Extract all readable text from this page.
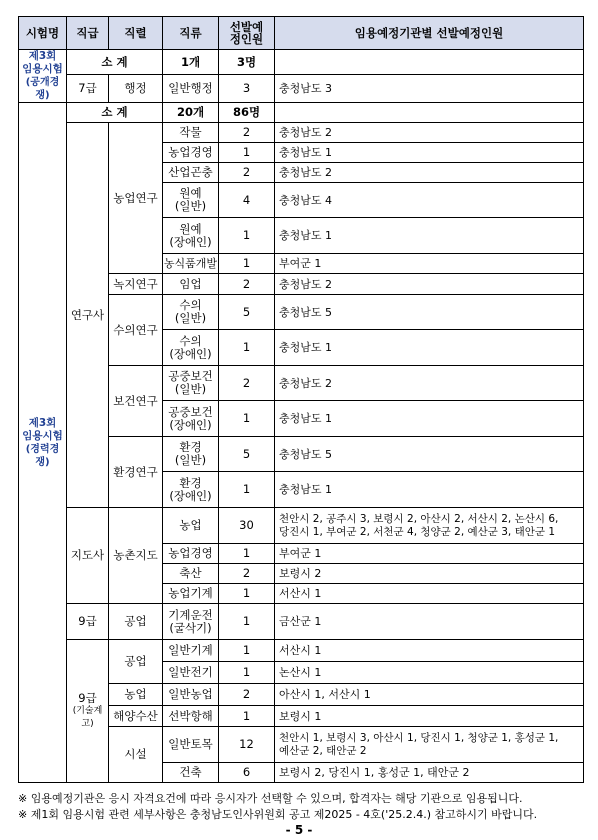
시험명	직급	직렬	직류	선발예정인원	임용예정기관별 선발예정인원
제3회
임용시험
(공개경쟁)	소 계		1개	3명	
	7급	행정	일반행정	3	충청남도 3
제3회
임용시험
(경력경쟁)	소 계		20개	86명	
	연구사	농업연구	작물	2	충청남도 2
			농업경영	1	충청남도 1
			산업곤충	2	충청남도 2
			원예
(일반)	4	충청남도 4
			원예
(장애인)	1	충청남도 1
			농식품개발	1	부여군 1
		녹지연구	임업	2	충청남도 2
		수의연구	수의
(일반)	5	충청남도 5
			수의
(장애인)	1	충청남도 1
		보건연구	공중보건
(일반)	2	충청남도 2
			공중보건
(장애인)	1	충청남도 1
		환경연구	환경
(일반)	5	충청남도 5
			환경
(장애인)	1	충청남도 1
	지도사	농촌지도	농업	30	천안시 2, 공주시 3, 보령시 2, 아산시 2, 서산시 2, 논산시 6,
당진시 1, 부여군 2, 서천군 4, 청양군 2, 예산군 3, 태안군 1
			농업경영	1	부여군 1
			축산	2	보령시 2
			농업기계	1	서산시 1
	9급	공업	기계운전
(굴삭기)	1	금산군 1
	9급
(기술계고)	공업	일반기계	1	서산시 1
			일반전기	1	논산시 1
		농업	일반농업	2	아산시 1, 서산시 1
		해양수산	선박항해	1	보령시 1
		시설	일반토목	12	천안시 1, 보령시 3, 아산시 1, 당진시 1, 청양군 1, 홍성군 1,
예산군 2, 태안군 2
			건축	6	보령시 2, 당진시 1, 홍성군 1, 태안군 2
※ 임용예정기관은 응시 자격요건에 따라 응시자가 선택할 수 있으며, 합격자는 해당 기관으로 임용됩니다.
※ 제1회 임용시험 관련 세부사항은 충청남도인사위원회 공고 제2025 - 4호('25.2.4.) 참고하시기 바랍니다.
- 5 -
